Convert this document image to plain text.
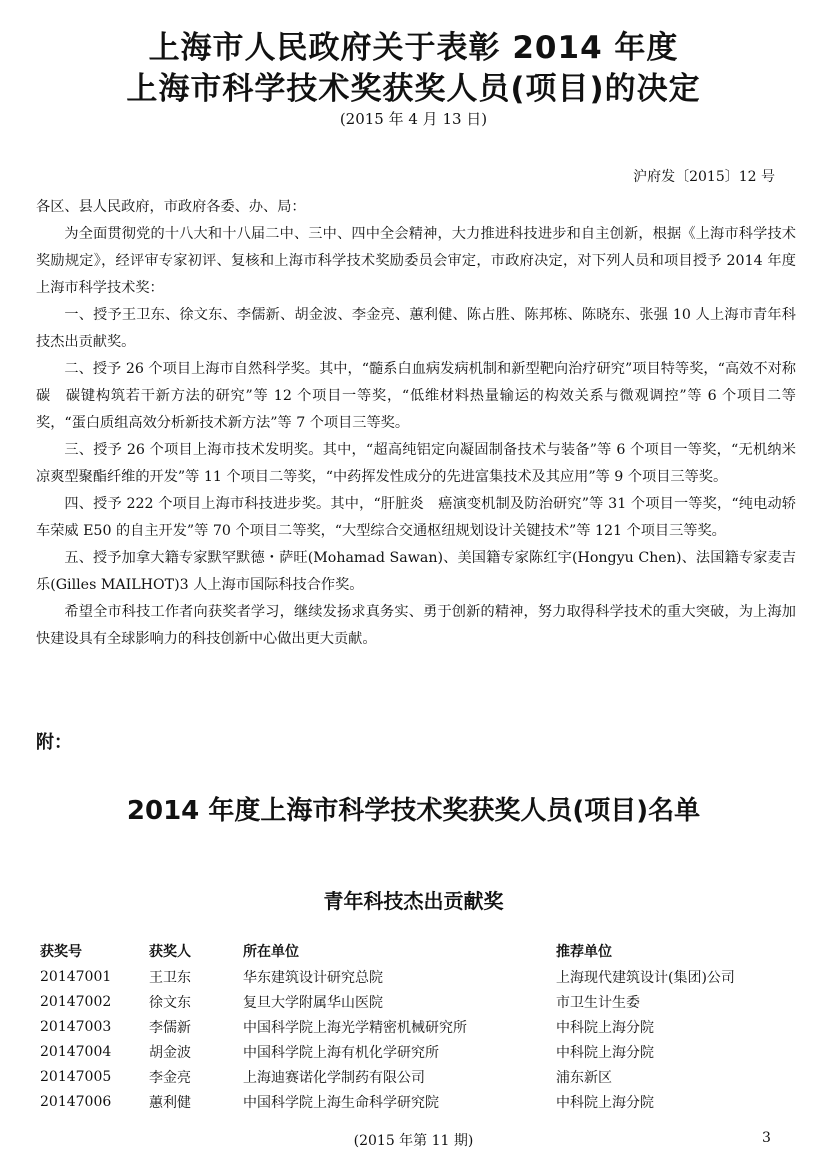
上海市人民政府关于表彰 2014 年度
上海市科学技术奖获奖人员(项目)的决定
(2015 年 4 月 13 日)
沪府发〔2015〕12 号

各区、县人民政府，市政府各委、办、局：

为全面贯彻党的十八大和十八届二中、三中、四中全会精神，大力推进科技进步和自主创新，根据《上海市科学技术奖励规定》，经评审专家初评、复核和上海市科学技术奖励委员会审定，市政府决定，对下列人员和项目授予 2014 年度上海市科学技术奖：

一、授予王卫东、徐文东、李儒新、胡金波、李金亮、蕙利健、陈占胜、陈邦栋、陈晓东、张强 10 人上海市青年科技杰出贡献奖。

二、授予 26 个项目上海市自然科学奖。其中，“髓系白血病发病机制和新型靶向治疗研究”项目特等奖，“高效不对称碳　碳键构筑若干新方法的研究”等 12 个项目一等奖，“低维材料热量输运的构效关系与微观调控”等 6 个项目二等奖，“蛋白质组高效分析新技术新方法”等 7 个项目三等奖。

三、授予 26 个项目上海市技术发明奖。其中，“超高纯铝定向凝固制备技术与装备”等 6 个项目一等奖，“无机纳米凉爽型聚酯纤维的开发”等 11 个项目二等奖，“中药挥发性成分的先进富集技术及其应用”等 9 个项目三等奖。

四、授予 222 个项目上海市科技进步奖。其中，“肝脏炎　癌演变机制及防治研究”等 31 个项目一等奖，“纯电动轿车荣威 E50 的自主开发”等 70 个项目二等奖，“大型综合交通枢纽规划设计关键技术”等 121 个项目三等奖。

五、授予加拿大籍专家默罕默德・萨旺(Mohamad Sawan)、美国籍专家陈红宇(Hongyu Chen)、法国籍专家麦吉乐(Gilles MAILHOT)3 人上海市国际科技合作奖。

希望全市科技工作者向获奖者学习，继续发扬求真务实、勇于创新的精神，努力取得科学技术的重大突破，为上海加快建设具有全球影响力的科技创新中心做出更大贡献。

附：
2014 年度上海市科学技术奖获奖人员(项目)名单
青年科技杰出贡献奖
获奖号	获奖人	所在单位	推荐单位
20147001	王卫东	华东建筑设计研究总院	上海现代建筑设计(集团)公司
20147002	徐文东	复旦大学附属华山医院	市卫生计生委
20147003	李儒新	中国科学院上海光学精密机械研究所	中科院上海分院
20147004	胡金波	中国科学院上海有机化学研究所	中科院上海分院
20147005	李金亮	上海迪赛诺化学制药有限公司	浦东新区
20147006	蕙利健	中国科学院上海生命科学研究院	中科院上海分院
(2015 年第 11 期)	3
